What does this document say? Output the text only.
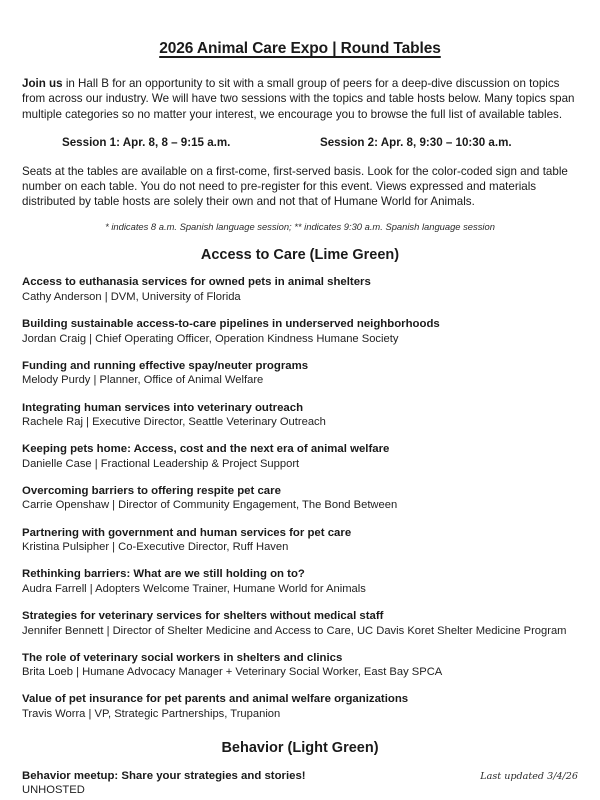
2026 Animal Care Expo | Round Tables

Join us in Hall B for an opportunity to sit with a small group of peers for a deep-dive discussion on topics from across our industry. We will have two sessions with the topics and table hosts below. Many topics span multiple categories so no matter your interest, we encourage you to browse the full list of available tables.

Session 1: Apr. 8, 8 – 9:15 a.m.	Session 2: Apr. 8, 9:30 – 10:30 a.m.

Seats at the tables are available on a first-come, first-served basis. Look for the color-coded sign and table number on each table. You do not need to pre-register for this event. Views expressed and materials distributed by table hosts are solely their own and not that of Humane World for Animals.

* indicates 8 a.m. Spanish language session; ** indicates 9:30 a.m. Spanish language session

Access to Care (Lime Green)
Access to euthanasia services for owned pets in animal shelters
Cathy Anderson | DVM, University of Florida
Building sustainable access-to-care pipelines in underserved neighborhoods
Jordan Craig | Chief Operating Officer, Operation Kindness Humane Society
Funding and running effective spay/neuter programs
Melody Purdy | Planner, Office of Animal Welfare
Integrating human services into veterinary outreach
Rachele Raj | Executive Director, Seattle Veterinary Outreach
Keeping pets home: Access, cost and the next era of animal welfare
Danielle Case | Fractional Leadership & Project Support
Overcoming barriers to offering respite pet care
Carrie Openshaw | Director of Community Engagement, The Bond Between
Partnering with government and human services for pet care
Kristina Pulsipher | Co-Executive Director, Ruff Haven
Rethinking barriers: What are we still holding on to?
Audra Farrell | Adopters Welcome Trainer, Humane World for Animals
Strategies for veterinary services for shelters without medical staff
Jennifer Bennett | Director of Shelter Medicine and Access to Care, UC Davis Koret Shelter Medicine Program
The role of veterinary social workers in shelters and clinics
Brita Loeb | Humane Advocacy Manager + Veterinary Social Worker, East Bay SPCA
Value of pet insurance for pet parents and animal welfare organizations
Travis Worra | VP, Strategic Partnerships, Trupanion
Behavior (Light Green)
Behavior meetup: Share your strategies and stories!
UNHOSTED
Last updated 3/4/26
